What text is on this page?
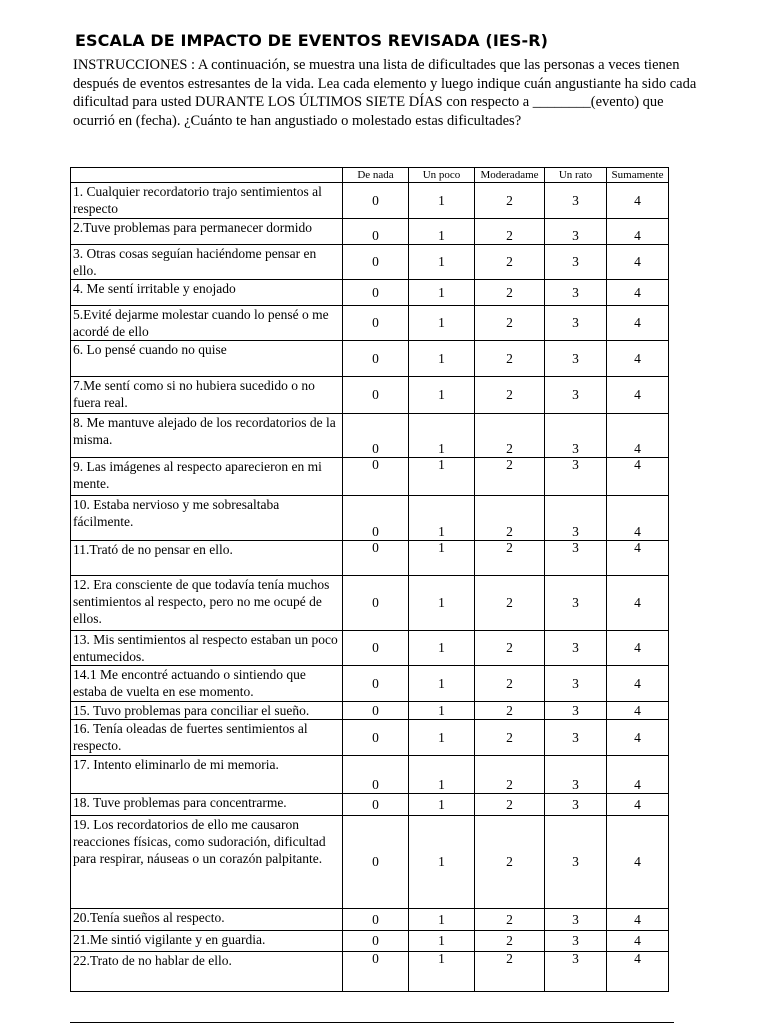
ESCALA DE IMPACTO DE EVENTOS REVISADA (IES-R)
INSTRUCCIONES : A continuación, se muestra una lista de dificultades que las personas a veces tienen después de eventos estresantes de la vida. Lea cada elemento y luego indique cuán angustiante ha sido cada dificultad para usted DURANTE LOS ÚLTIMOS SIETE DÍAS con respecto a ________(evento) que ocurrió en (fecha). ¿Cuánto te han angustiado o molestado estas dificultades?
	De nada	Un poco	Moderadame	Un rato	Sumamente
1. Cualquier recordatorio trajo sentimientos al respecto	0	1	2	3	4
2.Tuve problemas para permanecer dormido	0	1	2	3	4
3. Otras cosas seguían haciéndome pensar en ello.	0	1	2	3	4
4. Me sentí irritable y enojado	0	1	2	3	4
5.Evité dejarme molestar cuando lo pensé o me acordé de ello	0	1	2	3	4
6. Lo pensé cuando no quise	0	1	2	3	4
7.Me sentí como si no hubiera sucedido o no fuera real.	0	1	2	3	4
8. Me mantuve alejado de los recordatorios de la misma.	0	1	2	3	4
9. Las imágenes al respecto aparecieron en mi mente.	0	1	2	3	4
10. Estaba nervioso y me sobresaltaba fácilmente.	0	1	2	3	4
11.Trató de no pensar en ello.	0	1	2	3	4
12. Era consciente de que todavía tenía muchos sentimientos al respecto, pero no me ocupé de ellos.	0	1	2	3	4
13. Mis sentimientos al respecto estaban un poco entumecidos.	0	1	2	3	4
14.1 Me encontré actuando o sintiendo que estaba de vuelta en ese momento.	0	1	2	3	4
15. Tuvo problemas para conciliar el sueño.	0	1	2	3	4
16. Tenía oleadas de fuertes sentimientos al respecto.	0	1	2	3	4
17. Intento eliminarlo de mi memoria.	0	1	2	3	4
18. Tuve problemas para concentrarme.	0	1	2	3	4
19. Los recordatorios de ello me causaron reacciones físicas, como sudoración, dificultad para respirar, náuseas o un corazón palpitante.	0	1	2	3	4
20.Tenía sueños al respecto.	0	1	2	3	4
21.Me sintió vigilante y en guardia.	0	1	2	3	4
22.Trato de no hablar de ello.	0	1	2	3	4
